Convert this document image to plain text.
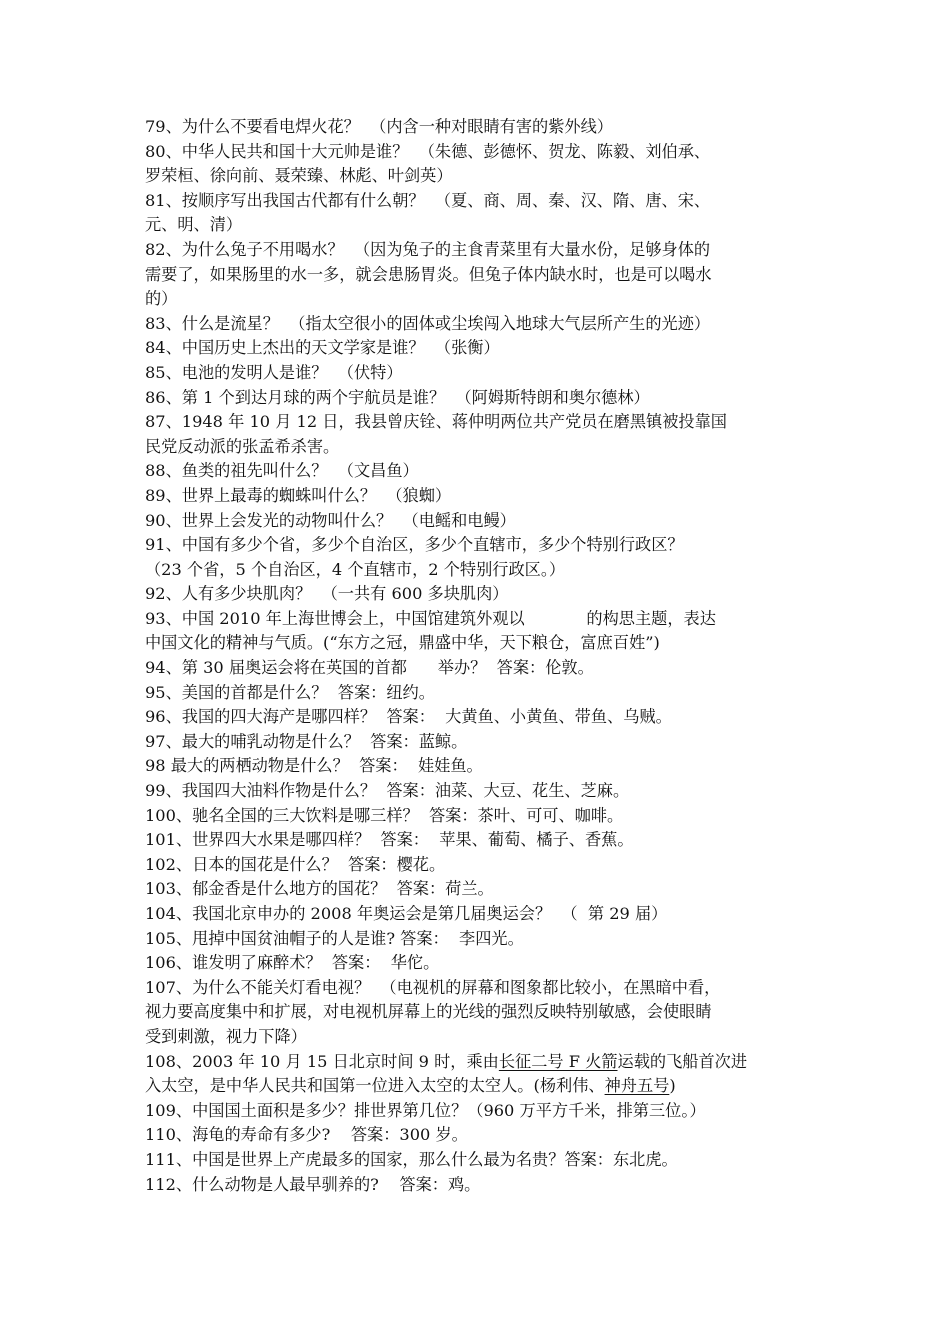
79、为什么不要看电焊火花？  （内含一种对眼睛有害的紫外线）
80、中华人民共和国十大元帅是谁？  （朱德、彭德怀、贺龙、陈毅、刘伯承、
罗荣桓、徐向前、聂荣臻、林彪、叶剑英）
81、按顺序写出我国古代都有什么朝？  （夏、商、周、秦、汉、隋、唐、宋、
元、明、清）
82、为什么兔子不用喝水？  （因为兔子的主食青菜里有大量水份，足够身体的
需要了，如果肠里的水一多，就会患肠胃炎。但兔子体内缺水时，也是可以喝水
的）
83、什么是流星？  （指太空很小的固体或尘埃闯入地球大气层所产生的光迹）
84、中国历史上杰出的天文学家是谁？  （张衡）
85、电池的发明人是谁？  （伏特）
86、第 1 个到达月球的两个宇航员是谁？  （阿姆斯特朗和奥尔德林）
87、1948 年 10 月 12 日，我县曾庆铨、蒋仲明两位共产党员在磨黑镇被投靠国
民党反动派的张孟希杀害。
88、鱼类的祖先叫什么？  （文昌鱼）
89、世界上最毒的蜘蛛叫什么？  （狼蜘）
90、世界上会发光的动物叫什么？  （电鳐和电鳗）
91、中国有多少个省，多少个自治区，多少个直辖市，多少个特别行政区？
（23 个省，5 个自治区，4 个直辖市，2 个特别行政区。）
92、人有多少块肌肉？  （一共有 600 多块肌肉）
93、中国 2010 年上海世博会上，中国馆建筑外观以            的构思主题，表达
中国文化的精神与气质。(“东方之冠，鼎盛中华，天下粮仓，富庶百姓”)
94、第 30 届奥运会将在英国的首都      举办？  答案：伦敦。
95、美国的首都是什么？  答案：纽约。
96、我国的四大海产是哪四样？  答案：  大黄鱼、小黄鱼、带鱼、乌贼。
97、最大的哺乳动物是什么？  答案：蓝鲸。
98 最大的两栖动物是什么？  答案：  娃娃鱼。
99、我国四大油料作物是什么？  答案：油菜、大豆、花生、芝麻。
100、驰名全国的三大饮料是哪三样？  答案：茶叶、可可、咖啡。
101、世界四大水果是哪四样？  答案：  苹果、葡萄、橘子、香蕉。
102、日本的国花是什么？  答案：樱花。
103、郁金香是什么地方的国花？  答案：荷兰。
104、我国北京申办的 2008 年奥运会是第几届奥运会？  （  第 29 届）
105、甩掉中国贫油帽子的人是谁? 答案：  李四光。
106、谁发明了麻醉术？  答案：  华佗。
107、为什么不能关灯看电视？  （电视机的屏幕和图象都比较小，在黑暗中看，
视力要高度集中和扩展，对电视机屏幕上的光线的强烈反映特别敏感，会使眼睛
受到刺激，视力下降）
108、2003 年 10 月 15 日北京时间 9 时，乘由长征二号 F 火箭运载的飞船首次进
入太空，是中华人民共和国第一位进入太空的太空人。(杨利伟、神舟五号)
109、中国国土面积是多少？排世界第几位？（960 万平方千米，排第三位。）
110、海龟的寿命有多少?    答案：300 岁。
111、中国是世界上产虎最多的国家，那么什么最为名贵？答案：东北虎。
112、什么动物是人最早驯养的?    答案：鸡。
